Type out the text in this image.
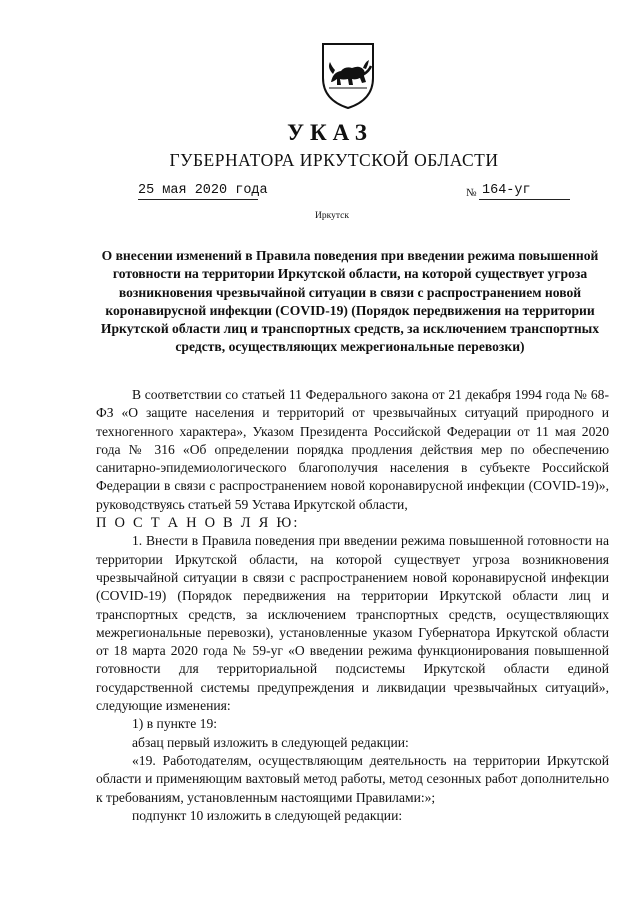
УКАЗ
ГУБЕРНАТОРА ИРКУТСКОЙ ОБЛАСТИ
25 мая 2020 года	№ 164-уг
Иркутск
О внесении изменений в Правила поведения при введении режима повышенной готовности на территории Иркутской области, на которой существует угроза возникновения чрезвычайной ситуации в связи с распространением новой коронавирусной инфекции (COVID-19) (Порядок передвижения на территории Иркутской области лиц и транспортных средств, за исключением транспортных средств, осуществляющих межрегиональные перевозки)

В соответствии со статьей 11 Федерального закона от 21 декабря 1994 года № 68-ФЗ «О защите населения и территорий от чрезвычайных ситуаций природного и техногенного характера», Указом Президента Российской Федерации от 11 мая 2020 года № 316 «Об определении порядка продления действия мер по обеспечению санитарно-эпидемиологического благополучия населения в субъекте Российской Федерации в связи с распространением новой коронавирусной инфекции (COVID-19)», руководствуясь статьей 59 Устава Иркутской области,

П О С Т А Н О В Л Я Ю:

1. Внести в Правила поведения при введении режима повышенной готовности на территории Иркутской области, на которой существует угроза возникновения чрезвычайной ситуации в связи с распространением новой коронавирусной инфекции (COVID-19) (Порядок передвижения на территории Иркутской области лиц и транспортных средств, за исключением транспортных средств, осуществляющих межрегиональные перевозки), установленные указом Губернатора Иркутской области от 18 марта 2020 года № 59-уг «О введении режима функционирования повышенной готовности для территориальной подсистемы Иркутской области единой государственной системы предупреждения и ликвидации чрезвычайных ситуаций», следующие изменения:

1) в пункте 19:

абзац первый изложить в следующей редакции:

«19. Работодателям, осуществляющим деятельность на территории Иркутской области и применяющим вахтовый метод работы, метод сезонных работ дополнительно к требованиям, установленным настоящими Правилами:»;

подпункт 10 изложить в следующей редакции:
